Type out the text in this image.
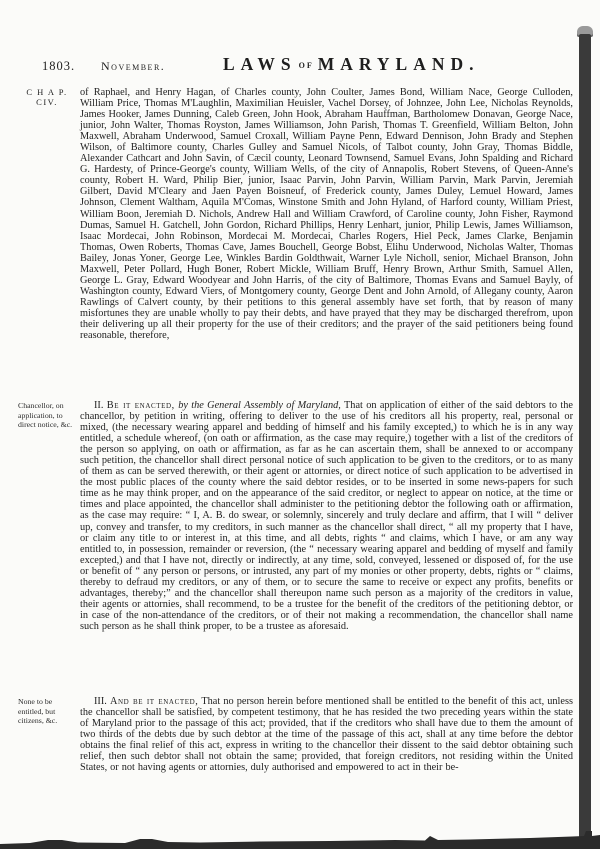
1803. November.	LAWS of MARYLAND.
C H A P.
CIV.
Chancellor, on application, to direct notice, &c.
None to be entitled, but citizens, &c.

of Raphael, and Henry Hagan, of Charles county, John Coulter, James Bond, William Nace, George Culloden, William Price, Thomas M'Laughlin, Maximilian Heuisler, Vachel Dorsey, of Johnzee, John Lee, Nicholas Reynolds, James Hooker, James Dunning, Caleb Green, John Hook, Abraham Hauffman, Bartholomew Donavan, George Nace, junior, John Walter, Thomas Royston, James Williamson, John Parish, Thomas T. Greenfield, William Belton, John Maxwell, Abraham Underwood, Samuel Croxall, William Payne Penn, Edward Dennison, John Brady and Stephen Wilson, of Baltimore county, Charles Gulley and Samuel Nicols, of Talbot county, John Gray, Thomas Biddle, Alexander Cathcart and John Savin, of Cæcil county, Leonard Townsend, Samuel Evans, John Spalding and Richard G. Hardesty, of Prince-George's county, William Wells, of the city of Annapolis, Robert Stevens, of Queen-Anne's county, Robert H. Ward, Philip Bier, junior, Isaac Parvin, John Parvin, William Parvin, Mark Parvin, Jeremiah Gilbert, David M'Cleary and Jaen Payen Boisneuf, of Frederick county, James Duley, Lemuel Howard, James Johnson, Clement Waltham, Aquila M'Comas, Winstone Smith and John Hyland, of Harford county, William Priest, William Boon, Jeremiah D. Nichols, Andrew Hall and William Crawford, of Caroline county, John Fisher, Raymond Dumas, Samuel H. Gatchell, John Gordon, Richard Phillips, Henry Lenhart, junior, Philip Lewis, James Williamson, Isaac Mordecai, John Robinson, Mordecai M. Mordecai, Charles Rogers, Hiel Peck, James Clarke, Benjamin Thomas, Owen Roberts, Thomas Cave, James Bouchell, George Bobst, Elihu Underwood, Nicholas Walter, Thomas Bailey, Jonas Yoner, George Lee, Winkles Bardin Goldthwait, Warner Lyle Nicholl, senior, Michael Branson, John Maxwell, Peter Pollard, Hugh Boner, Robert Mickle, William Bruff, Henry Brown, Arthur Smith, Samuel Allen, George L. Gray, Edward Woodyear and John Harris, of the city of Baltimore, Thomas Evans and Samuel Bayly, of Washington county, Edward Viers, of Montgomery county, George Dent and John Arnold, of Allegany county, Aaron Rawlings of Calvert county, by their petitions to this general assembly have set forth, that by reason of many misfortunes they are unable wholly to pay their debts, and have prayed that they may be discharged therefrom, upon their delivering up all their property for the use of their creditors; and the prayer of the said petitioners being found reasonable, therefore,

II. Be it enacted, by the General Assembly of Maryland, That on application of either of the said debtors to the chancellor, by petition in writing, offering to deliver to the use of his creditors all his property, real, personal or mixed, (the necessary wearing apparel and bedding of himself and his family excepted,) to which he is in any way entitled, a schedule whereof, (on oath or affirmation, as the case may require,) together with a list of the creditors of the person so applying, on oath or affirmation, as far as he can ascertain them, shall be annexed to or accompany such petition, the chancellor shall direct personal notice of such application to be given to the creditors, or to as many of them as can be served therewith, or their agent or attornies, or direct notice of such application to be advertised in the most public places of the county where the said debtor resides, or to be inserted in some news-papers for such time as he may think proper, and on the appearance of the said creditor, or neglect to appear on notice, at the time or times and place appointed, the chancellor shall administer to the petitioning debtor the following oath or affirmation, as the case may require: “ I, A. B. do swear, or solemnly, sincerely and truly declare and affirm, that I will “ deliver up, convey and transfer, to my creditors, in such manner as the chancellor shall direct, “ all my property that I have, or claim any title to or interest in, at this time, and all debts, rights “ and claims, which I have, or am any way entitled to, in possession, remainder or reversion, (the “ necessary wearing apparel and bedding of myself and family excepted,) and that I have not, directly or indirectly, at any time, sold, conveyed, lessened or disposed of, for the use or benefit of “ any person or persons, or intrusted, any part of my monies or other property, debts, rights or “ claims, thereby to defraud my creditors, or any of them, or to secure the same to receive or expect any profits, benefits or advantages, thereby;” and the chancellor shall thereupon name such person as a majority of the creditors in value, their agents or attornies, shall recommend, to be a trustee for the benefit of the creditors of the petitioning debtor, or in case of the non-attendance of the creditors, or of their not making a recommendation, the chancellor shall name such person as he shall think proper, to be a trustee as aforesaid.

III. And be it enacted, That no person herein before mentioned shall be entitled to the benefit of this act, unless the chancellor shall be satisfied, by competent testimony, that he has resided the two preceding years within the state of Maryland prior to the passage of this act; provided, that if the creditors who shall have due to them the amount of two thirds of the debts due by such debtor at the time of the passage of this act, shall at any time before the debtor obtains the final relief of this act, express in writing to the chancellor their dissent to the said debtor obtaining such relief, then such debtor shall not obtain the same; provided, that foreign creditors, not residing within the United States, or not having agents or attornies, duly authorised and empowered to act in their be-
